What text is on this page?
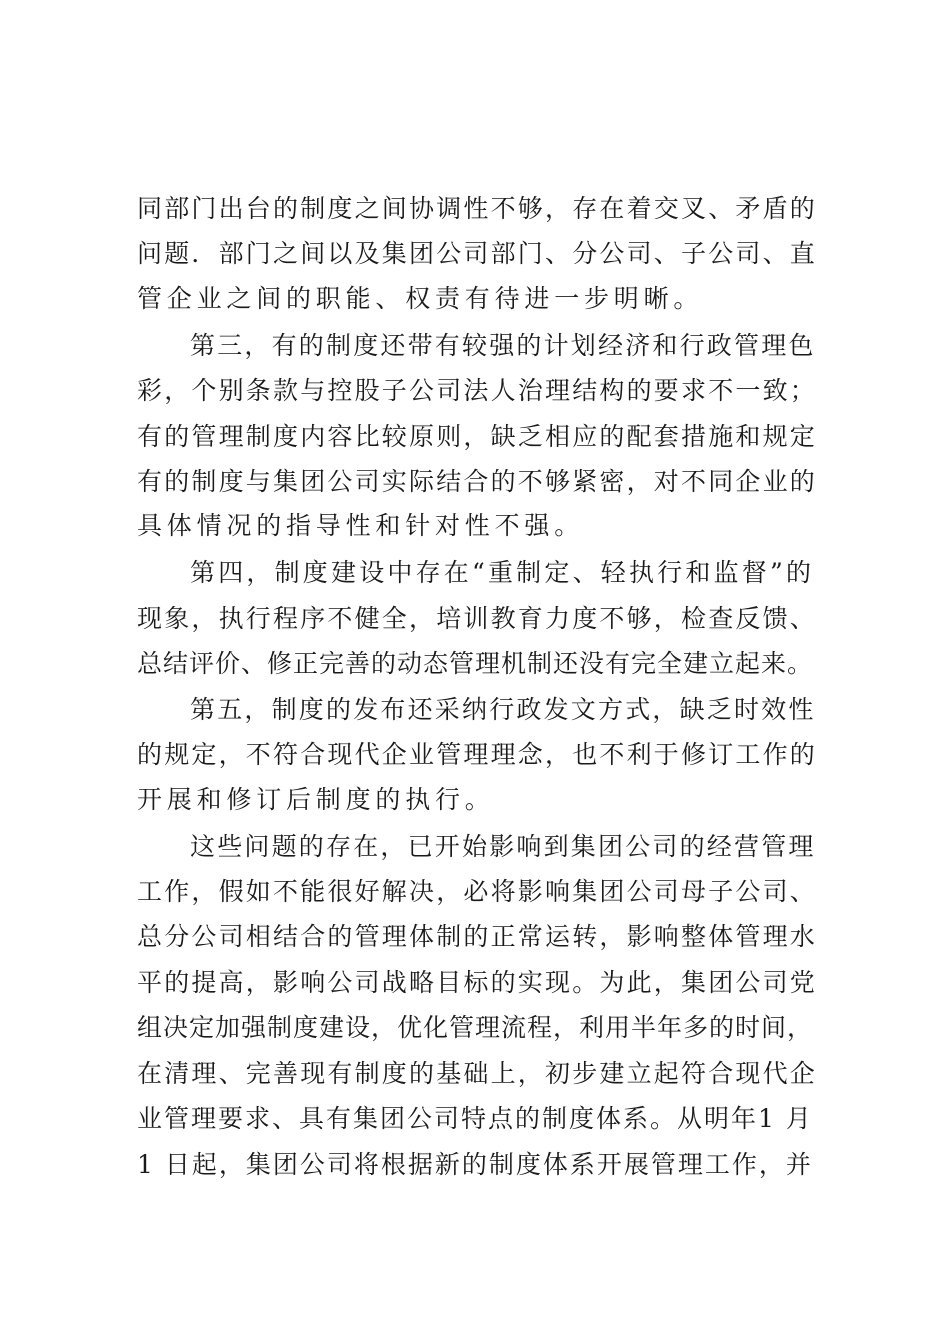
同部门出台的制度之间协调性不够，存在着交叉、矛盾的

问题．部门之间以及集团公司部门、分公司、子公司、直

管企业之间的职能、权责有待进一步明晰。

第三，有的制度还带有较强的计划经济和行政管理色

彩，个别条款与控股子公司法人治理结构的要求不一致；

有的管理制度内容比较原则，缺乏相应的配套措施和规定

有的制度与集团公司实际结合的不够紧密，对不同企业的

具体情况的指导性和针对性不强。

第四，制度建设中存在“重制定、轻执行和监督”的

现象，执行程序不健全，培训教育力度不够，检查反馈、

总结评价、修正完善的动态管理机制还没有完全建立起来。

第五，制度的发布还采纳行政发文方式，缺乏时效性

的规定，不符合现代企业管理理念，也不利于修订工作的

开展和修订后制度的执行。

这些问题的存在，已开始影响到集团公司的经营管理

工作，假如不能很好解决，必将影响集团公司母子公司、

总分公司相结合的管理体制的正常运转，影响整体管理水

平的提高，影响公司战略目标的实现。为此，集团公司党

组决定加强制度建设，优化管理流程，利用半年多的时间，

在清理、完善现有制度的基础上，初步建立起符合现代企

业管理要求、具有集团公司特点的制度体系。从明年1 月

1 日起，集团公司将根据新的制度体系开展管理工作，并
